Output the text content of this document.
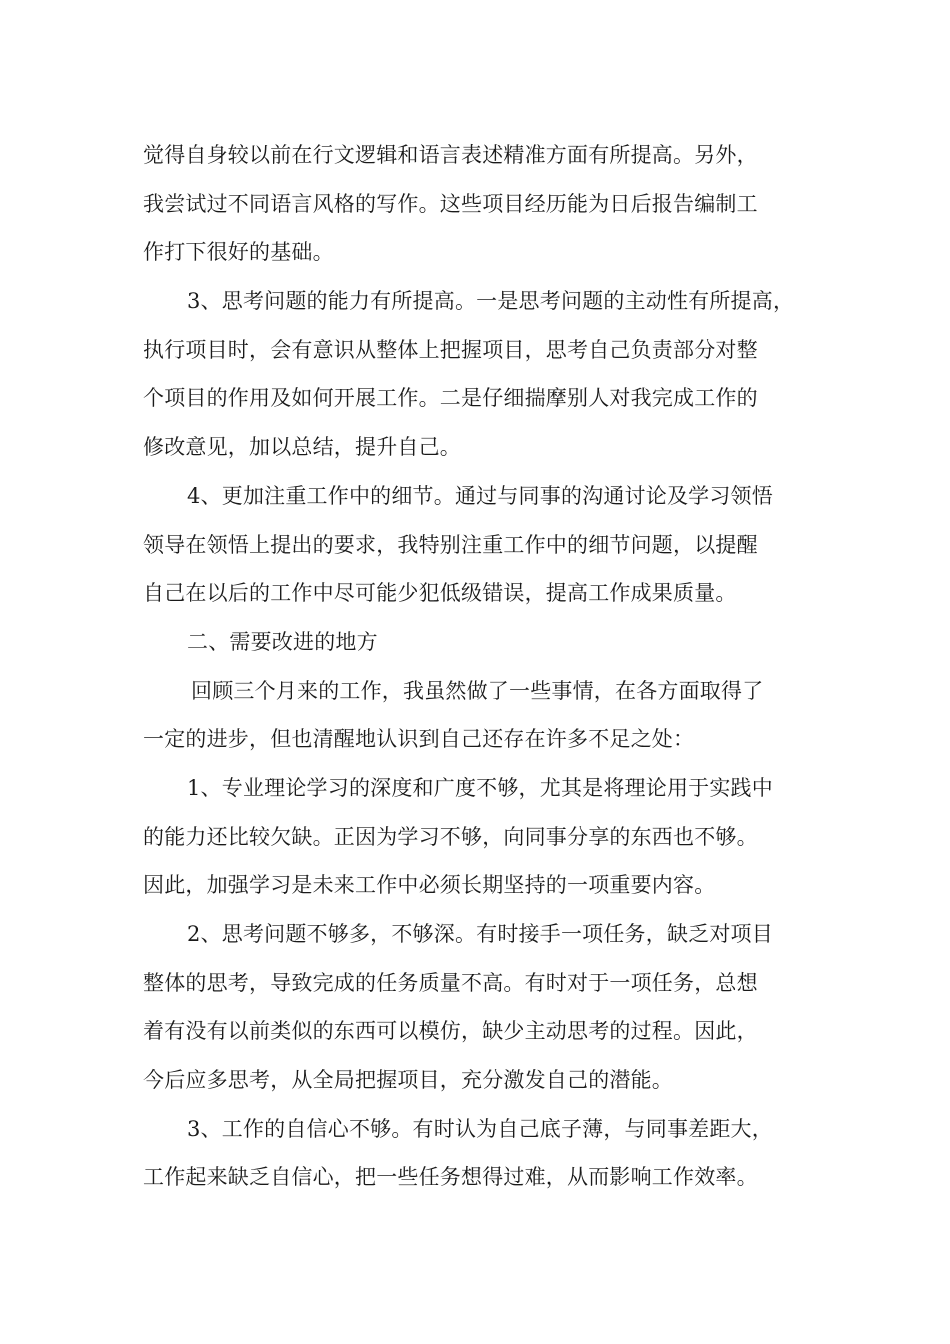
觉得自身较以前在行文逻辑和语言表述精准方面有所提高。另外，
我尝试过不同语言风格的写作。这些项目经历能为日后报告编制工
作打下很好的基础。
3、思考问题的能力有所提高。一是思考问题的主动性有所提高，
执行项目时，会有意识从整体上把握项目，思考自己负责部分对整
个项目的作用及如何开展工作。二是仔细揣摩别人对我完成工作的
修改意见，加以总结，提升自己。
4、更加注重工作中的细节。通过与同事的沟通讨论及学习领悟
领导在领悟上提出的要求，我特别注重工作中的细节问题，以提醒
自己在以后的工作中尽可能少犯低级错误，提高工作成果质量。
二、需要改进的地方
回顾三个月来的工作，我虽然做了一些事情，在各方面取得了
一定的进步，但也清醒地认识到自己还存在许多不足之处：
1、专业理论学习的深度和广度不够，尤其是将理论用于实践中
的能力还比较欠缺。正因为学习不够，向同事分享的东西也不够。
因此，加强学习是未来工作中必须长期坚持的一项重要内容。
2、思考问题不够多，不够深。有时接手一项任务，缺乏对项目
整体的思考，导致完成的任务质量不高。有时对于一项任务，总想
着有没有以前类似的东西可以模仿，缺少主动思考的过程。因此，
今后应多思考，从全局把握项目，充分激发自己的潜能。
3、工作的自信心不够。有时认为自己底子薄，与同事差距大，
工作起来缺乏自信心，把一些任务想得过难，从而影响工作效率。
